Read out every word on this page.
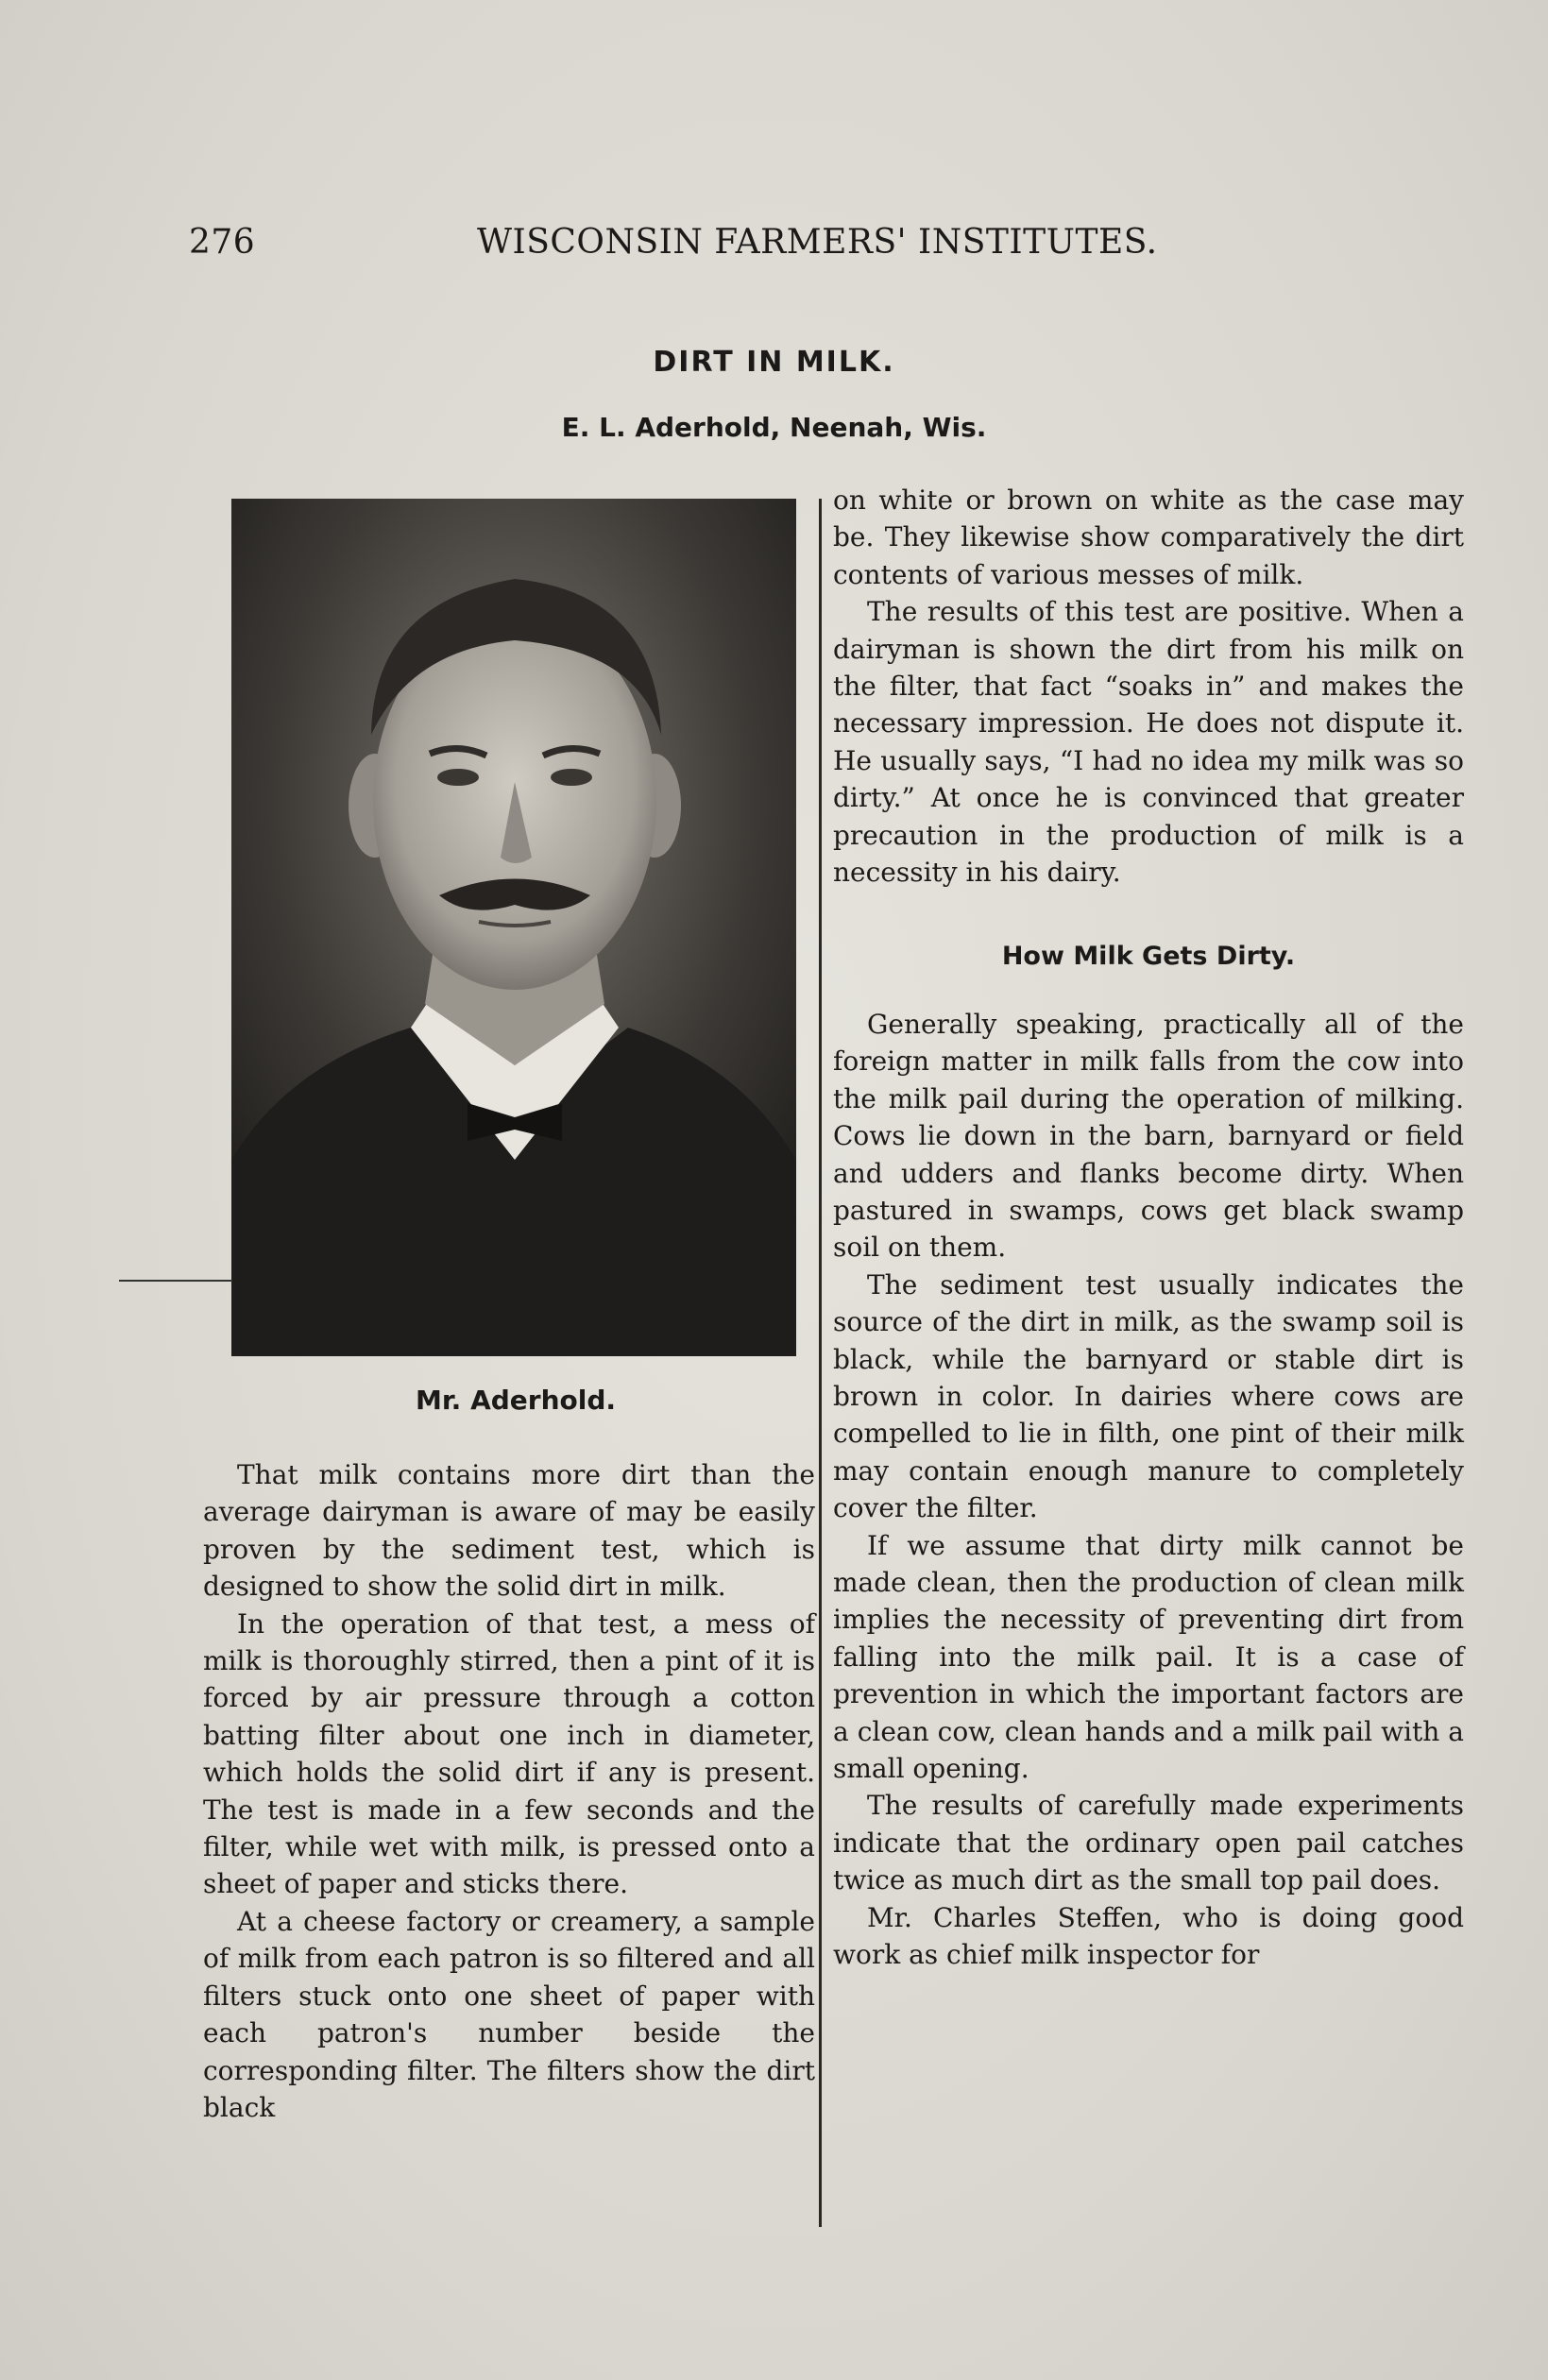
276	WISCONSIN FARMERS' INSTITUTES.
DIRT IN MILK.
E. L. Aderhold, Neenah, Wis.
Mr. Aderhold.

That milk contains more dirt than the average dairyman is aware of may be easily proven by the sediment test, which is designed to show the solid dirt in milk.

In the operation of that test, a mess of milk is thoroughly stirred, then a pint of it is forced by air pressure through a cotton batting filter about one inch in diameter, which holds the solid dirt if any is present. The test is made in a few seconds and the filter, while wet with milk, is pressed onto a sheet of paper and sticks there.

At a cheese factory or creamery, a sample of milk from each patron is so filtered and all filters stuck onto one sheet of paper with each patron's number beside the corresponding filter. The filters show the dirt black

on white or brown on white as the case may be. They likewise show comparatively the dirt contents of various messes of milk.

The results of this test are positive. When a dairyman is shown the dirt from his milk on the filter, that fact “soaks in” and makes the necessary impression. He does not dispute it. He usually says, “I had no idea my milk was so dirty.” At once he is convinced that greater precaution in the production of milk is a necessity in his dairy.

How Milk Gets Dirty.

Generally speaking, practically all of the foreign matter in milk falls from the cow into the milk pail during the operation of milking. Cows lie down in the barn, barnyard or field and udders and flanks become dirty. When pastured in swamps, cows get black swamp soil on them.

The sediment test usually indicates the source of the dirt in milk, as the swamp soil is black, while the barnyard or stable dirt is brown in color. In dairies where cows are compelled to lie in filth, one pint of their milk may contain enough manure to completely cover the filter.

If we assume that dirty milk cannot be made clean, then the production of clean milk implies the necessity of preventing dirt from falling into the milk pail. It is a case of prevention in which the important factors are a clean cow, clean hands and a milk pail with a small opening.

The results of carefully made experiments indicate that the ordinary open pail catches twice as much dirt as the small top pail does.

Mr. Charles Steffen, who is doing good work as chief milk inspector for
